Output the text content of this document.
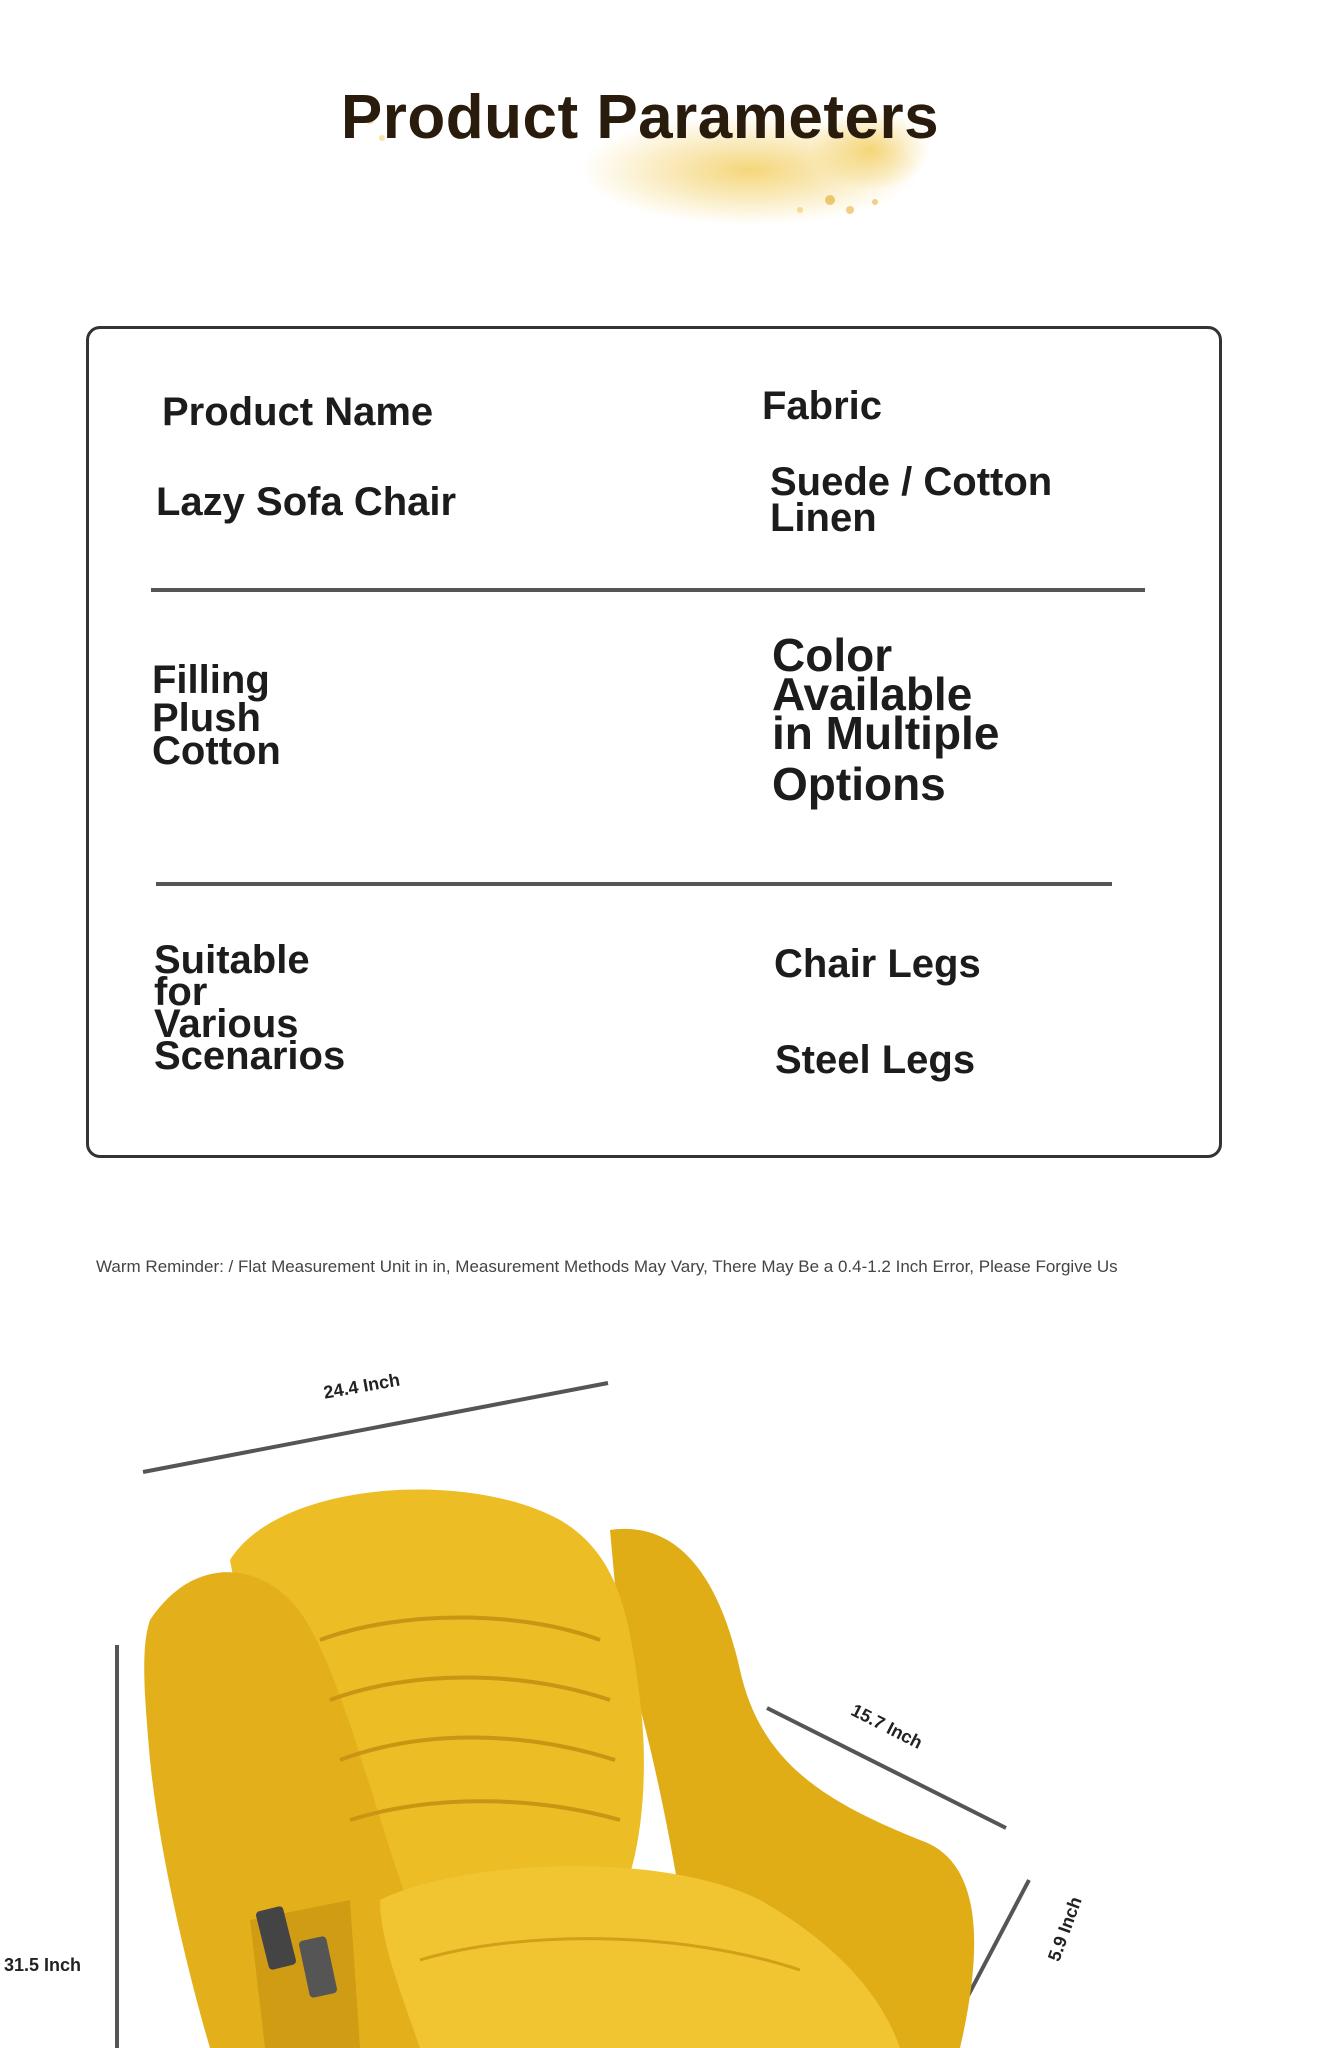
Product Parameters
Product Name
Lazy Sofa Chair
Fabric
Suede / Cotton
Linen
Filling
Plush
Cotton
Color
Available
in Multiple
Options
Suitable
for
Various
Scenarios
Chair Legs
Steel Legs
Warm Reminder: / Flat Measurement Unit in in, Measurement Methods May Vary, There May Be a 0.4-1.2 Inch Error, Please Forgive Us
24.4 Inch
15.7 Inch
5.9 Inch
31.5 Inch
